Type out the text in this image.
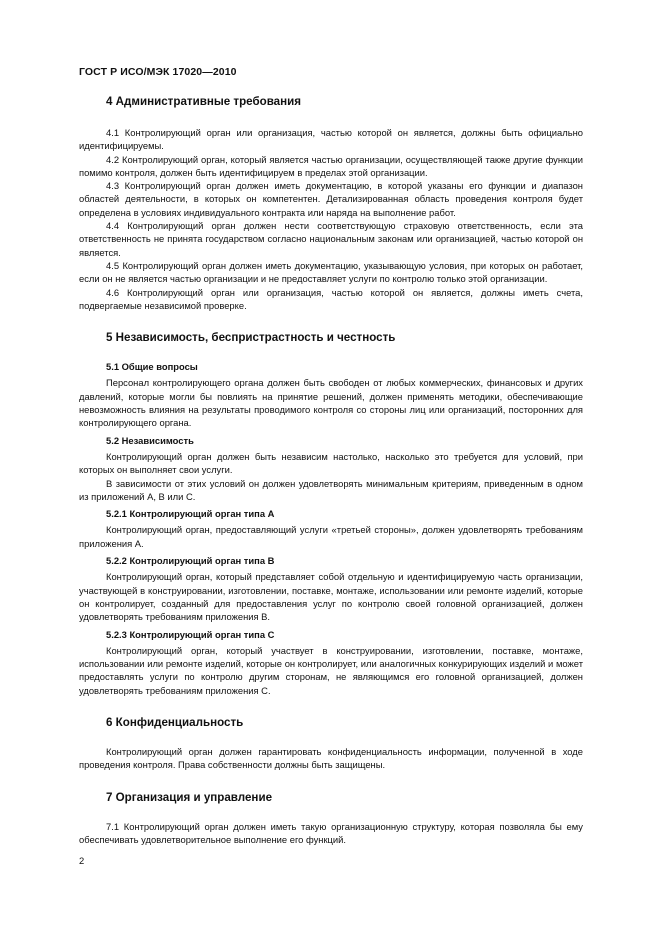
ГОСТ Р ИСО/МЭК 17020—2010
4 Административные требования

4.1 Контролирующий орган или организация, частью которой он является, должны быть официально идентифицируемы.

4.2 Контролирующий орган, который является частью организации, осуществляющей также другие функции помимо контроля, должен быть идентифицируем в пределах этой организации.

4.3 Контролирующий орган должен иметь документацию, в которой указаны его функции и диапазон областей деятельности, в которых он компетентен. Детализированная область проведения контроля будет определена в условиях индивидуального контракта или наряда на выполнение работ.

4.4 Контролирующий орган должен нести соответствующую страховую ответственность, если эта ответственность не принята государством согласно национальным законам или организацией, частью которой он является.

4.5 Контролирующий орган должен иметь документацию, указывающую условия, при которых он работает, если он не является частью организации и не предоставляет услуги по контролю только этой организации.

4.6 Контролирующий орган или организация, частью которой он является, должны иметь счета, подвергаемые независимой проверке.

5 Независимость, беспристрастность и честность
5.1 Общие вопросы

Персонал контролирующего органа должен быть свободен от любых коммерческих, финансовых и других давлений, которые могли бы повлиять на принятие решений, должен применять методики, обеспечивающие невозможность влияния на результаты проводимого контроля со стороны лиц или организаций, посторонних для контролирующего органа.

5.2 Независимость

Контролирующий орган должен быть независим настолько, насколько это требуется для условий, при которых он выполняет свои услуги.

В зависимости от этих условий он должен удовлетворять минимальным критериям, приведенным в одном из приложений А, В или С.

5.2.1 Контролирующий орган типа А

Контролирующий орган, предоставляющий услуги «третьей стороны», должен удовлетворять требованиям приложения А.

5.2.2 Контролирующий орган типа В

Контролирующий орган, который представляет собой отдельную и идентифицируемую часть организации, участвующей в конструировании, изготовлении, поставке, монтаже, использовании или ремонте изделий, которые он контролирует, созданный для предоставления услуг по контролю своей головной организацией, должен удовлетворять требованиям приложения В.

5.2.3 Контролирующий орган типа С

Контролирующий орган, который участвует в конструировании, изготовлении, поставке, монтаже, использовании или ремонте изделий, которые он контролирует, или аналогичных конкурирующих изделий и может предоставлять услуги по контролю другим сторонам, не являющимся его головной организацией, должен удовлетворять требованиям приложения С.

6 Конфиденциальность

Контролирующий орган должен гарантировать конфиденциальность информации, полученной в ходе проведения контроля. Права собственности должны быть защищены.

7 Организация и управление

7.1 Контролирующий орган должен иметь такую организационную структуру, которая позволяла бы ему обеспечивать удовлетворительное выполнение его функций.

2
